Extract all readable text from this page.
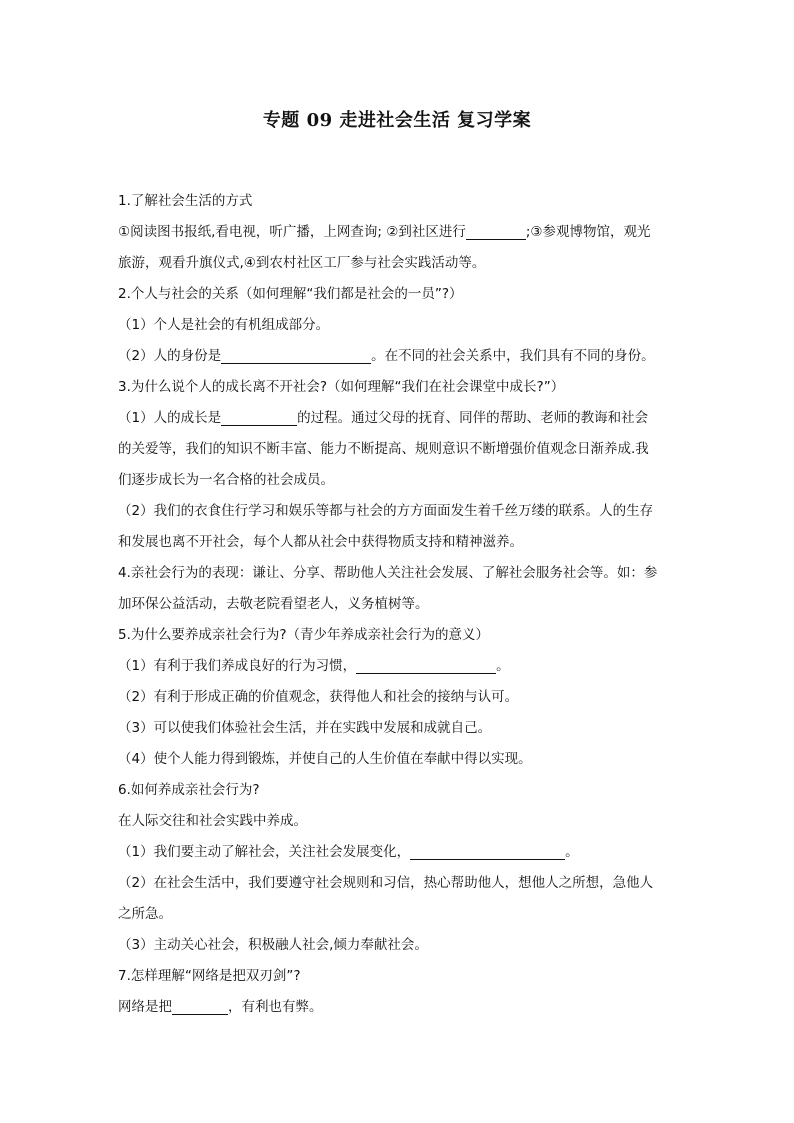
专题 09 走进社会生活 复习学案
1.了解社会生活的方式
①阅读图书报纸,看电视，听广播，上网查询; ②到社区进行	;③参观博物馆，观光
旅游，观看升旗仪式,④到农村社区工厂参与社会实践活动等。
2.个人与社会的关系（如何理解“我们都是社会的一员”?）
（1）个人是社会的有机组成部分。
（2）人的身份是	。在不同的社会关系中，我们具有不同的身份。
3.为什么说个人的成长离不开社会?（如何理解“我们在社会课堂中成长?”）
（1）人的成长是	的过程。通过父母的抚育、同伴的帮助、老师的教诲和社会
的关爱等，我们的知识不断丰富、能力不断提高、规则意识不断增强价值观念日渐养成.我
们逐步成长为一名合格的社会成员。
（2）我们的衣食住行学习和娱乐等都与社会的方方面面发生着千丝万缕的联系。人的生存
和发展也离不开社会，每个人都从社会中获得物质支持和精神滋养。
4.亲社会行为的表现：谦让、分享、帮助他人关注社会发展、了解社会服务社会等。如：参
加环保公益活动，去敬老院看望老人，义务植树等。
5.为什么要养成亲社会行为?（青少年养成亲社会行为的意义）
（1）有利于我们养成良好的行为习惯，	。
（2）有利于形成正确的价值观念，获得他人和社会的接纳与认可。
（3）可以使我们体验社会生活，并在实践中发展和成就自己。
（4）使个人能力得到锻炼，并使自己的人生价值在奉献中得以实现。
6.如何养成亲社会行为?
在人际交往和社会实践中养成。
（1）我们要主动了解社会，关注社会发展变化，	。
（2）在社会生活中，我们要遵守社会规则和习信，热心帮助他人，想他人之所想，急他人
之所急。
（3）主动关心社会，积极融人社会,倾力奉献社会。
7.怎样理解“网络是把双刃剑”?
网络是把	，有利也有弊。
